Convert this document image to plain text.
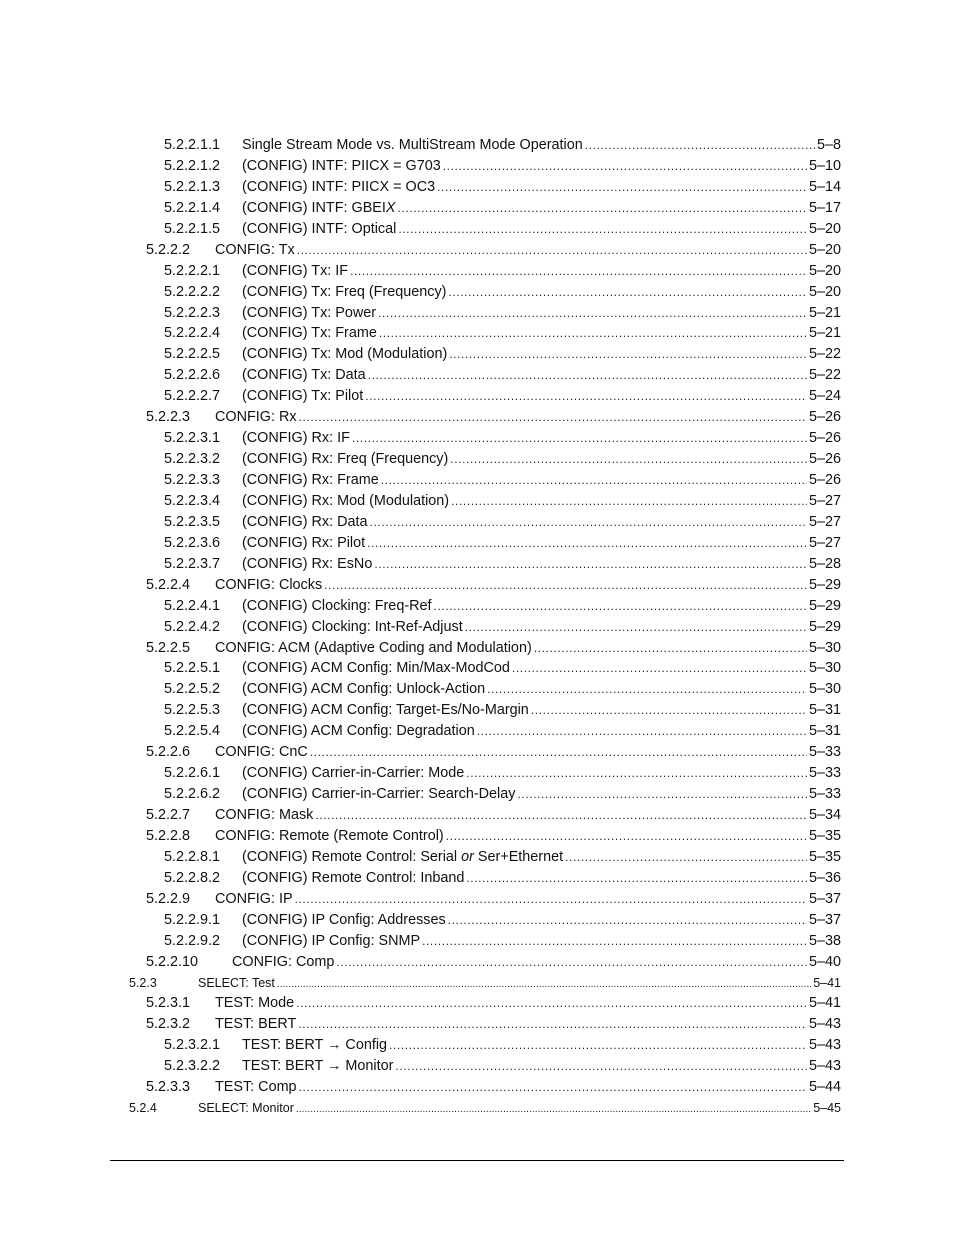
5.2.2.1.1 Single Stream Mode vs. MultiStream Mode Operation .....	5–8
5.2.2.1.2 (CONFIG) INTF: PIICX = G703 .....	5–10
5.2.2.1.3 (CONFIG) INTF: PIICX = OC3 .....	5–14
5.2.2.1.4 (CONFIG) INTF: GBEIX .....	5–17
5.2.2.1.5 (CONFIG) INTF: Optical .....	5–20
5.2.2.2 CONFIG: Tx .....	5–20
5.2.2.2.1 (CONFIG) Tx: IF .....	5–20
5.2.2.2.2 (CONFIG) Tx: Freq (Frequency) .....	5–20
5.2.2.2.3 (CONFIG) Tx: Power .....	5–21
5.2.2.2.4 (CONFIG) Tx: Frame .....	5–21
5.2.2.2.5 (CONFIG) Tx: Mod (Modulation) .....	5–22
5.2.2.2.6 (CONFIG) Tx: Data .....	5–22
5.2.2.2.7 (CONFIG) Tx: Pilot .....	5–24
5.2.2.3 CONFIG: Rx .....	5–26
5.2.2.3.1 (CONFIG) Rx: IF .....	5–26
5.2.2.3.2 (CONFIG) Rx: Freq (Frequency) .....	5–26
5.2.2.3.3 (CONFIG) Rx: Frame .....	5–26
5.2.2.3.4 (CONFIG) Rx: Mod (Modulation) .....	5–27
5.2.2.3.5 (CONFIG) Rx: Data .....	5–27
5.2.2.3.6 (CONFIG) Rx: Pilot .....	5–27
5.2.2.3.7 (CONFIG) Rx: EsNo .....	5–28
5.2.2.4 CONFIG: Clocks .....	5–29
5.2.2.4.1 (CONFIG) Clocking: Freq-Ref .....	5–29
5.2.2.4.2 (CONFIG) Clocking: Int-Ref-Adjust .....	5–29
5.2.2.5 CONFIG: ACM (Adaptive Coding and Modulation) .....	5–30
5.2.2.5.1 (CONFIG) ACM Config: Min/Max-ModCod .....	5–30
5.2.2.5.2 (CONFIG) ACM Config: Unlock-Action .....	5–30
5.2.2.5.3 (CONFIG) ACM Config: Target-Es/No-Margin .....	5–31
5.2.2.5.4 (CONFIG) ACM Config: Degradation .....	5–31
5.2.2.6 CONFIG: CnC .....	5–33
5.2.2.6.1 (CONFIG) Carrier-in-Carrier: Mode .....	5–33
5.2.2.6.2 (CONFIG) Carrier-in-Carrier: Search-Delay .....	5–33
5.2.2.7 CONFIG: Mask .....	5–34
5.2.2.8 CONFIG: Remote (Remote Control) .....	5–35
5.2.2.8.1 (CONFIG) Remote Control: Serial or Ser+Ethernet .....	5–35
5.2.2.8.2 (CONFIG) Remote Control: Inband .....	5–36
5.2.2.9 CONFIG: IP .....	5–37
5.2.2.9.1 (CONFIG) IP Config: Addresses .....	5–37
5.2.2.9.2 (CONFIG) IP Config: SNMP .....	5–38
5.2.2.10 CONFIG: Comp .....	5–40
5.2.3	SELECT: Test .....	5–41
5.2.3.1 TEST: Mode .....	5–41
5.2.3.2 TEST: BERT .....	5–43
5.2.3.2.1 TEST: BERT → Config .....	5–43
5.2.3.2.2 TEST: BERT → Monitor .....	5–43
5.2.3.3 TEST: Comp .....	5–44
5.2.4	SELECT: Monitor .....	5–45
